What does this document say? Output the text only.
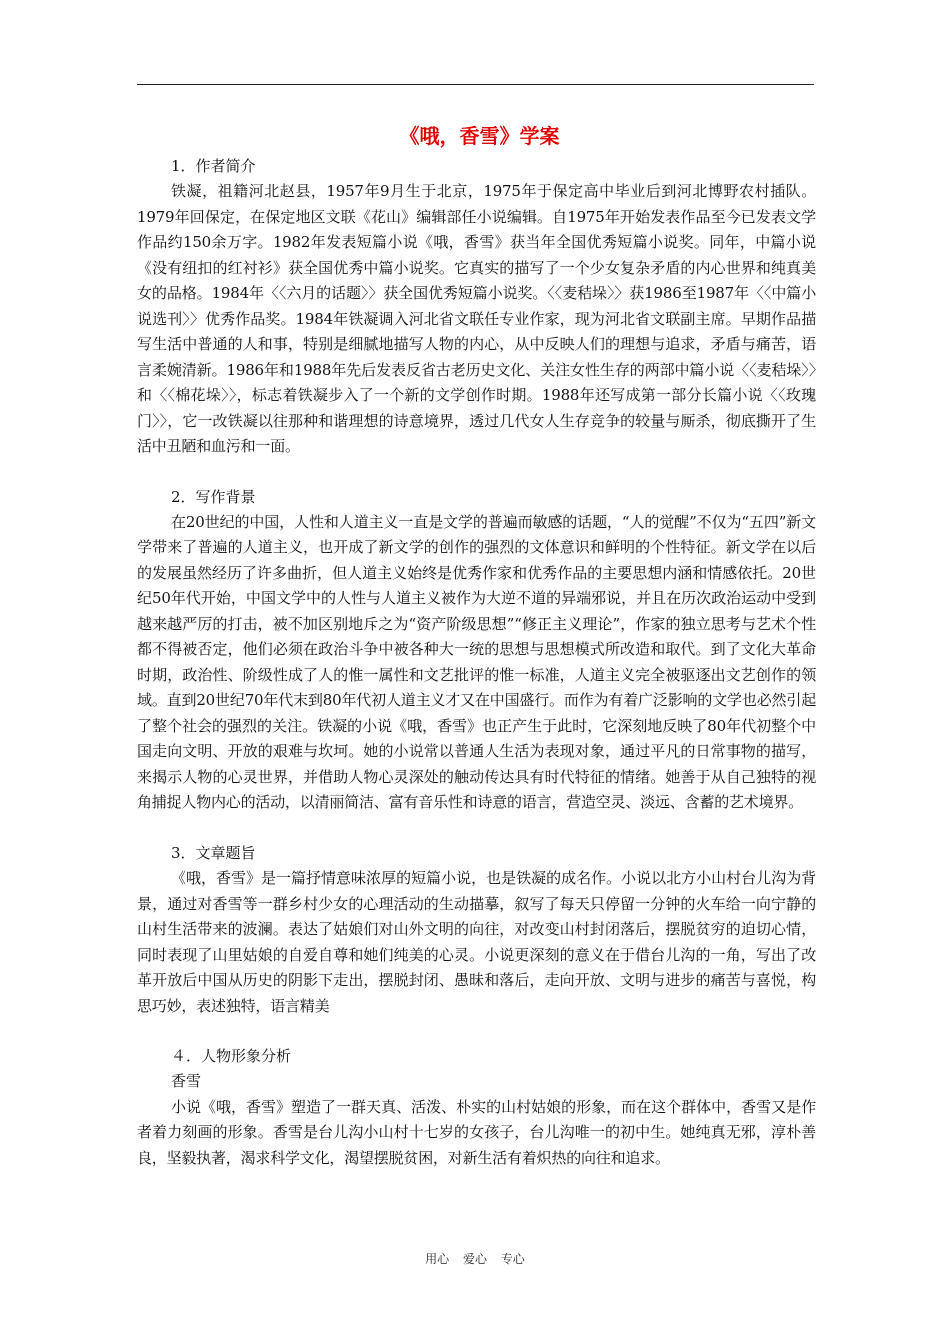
《哦，香雪》学案

1．作者简介

铁凝，祖籍河北赵县，1957年9月生于北京，1975年于保定高中毕业后到河北博野农村插队。1979年回保定，在保定地区文联《花山》编辑部任小说编辑。自1975年开始发表作品至今已发表文学作品约150余万字。1982年发表短篇小说《哦，香雪》获当年全国优秀短篇小说奖。同年，中篇小说《没有纽扣的红衬衫》获全国优秀中篇小说奖。它真实的描写了一个少女复杂矛盾的内心世界和纯真美女的品格。1984年〈〈六月的话题〉〉获全国优秀短篇小说奖。〈〈麦秸垛〉〉获1986至1987年〈〈中篇小说选刊〉〉优秀作品奖。1984年铁凝调入河北省文联任专业作家，现为河北省文联副主席。早期作品描写生活中普通的人和事，特别是细腻地描写人物的内心，从中反映人们的理想与追求，矛盾与痛苦，语言柔婉清新。1986年和1988年先后发表反省古老历史文化、关注女性生存的两部中篇小说〈〈麦秸垛〉〉和〈〈棉花垛〉〉，标志着铁凝步入了一个新的文学创作时期。1988年还写成第一部分长篇小说〈〈玫瑰门〉〉，它一改铁凝以往那种和谐理想的诗意境界，透过几代女人生存竞争的较量与厮杀，彻底撕开了生活中丑陋和血污和一面。

2．写作背景

在20世纪的中国，人性和人道主义一直是文学的普遍而敏感的话题，“人的觉醒”不仅为“五四”新文学带来了普遍的人道主义，也开成了新文学的创作的强烈的文体意识和鲜明的个性特征。新文学在以后的发展虽然经历了许多曲折，但人道主义始终是优秀作家和优秀作品的主要思想内涵和情感依托。20世纪50年代开始，中国文学中的人性与人道主义被作为大逆不道的异端邪说，并且在历次政治运动中受到越来越严厉的打击，被不加区别地斥之为“资产阶级思想”“修正主义理论”，作家的独立思考与艺术个性都不得被否定，他们必须在政治斗争中被各种大一统的思想与思想模式所改造和取代。到了文化大革命时期，政治性、阶级性成了人的惟一属性和文艺批评的惟一标准，人道主义完全被驱逐出文艺创作的领域。直到20世纪70年代末到80年代初人道主义才又在中国盛行。而作为有着广泛影响的文学也必然引起了整个社会的强烈的关注。铁凝的小说《哦，香雪》也正产生于此时，它深刻地反映了80年代初整个中国走向文明、开放的艰难与坎坷。她的小说常以普通人生活为表现对象，通过平凡的日常事物的描写，来揭示人物的心灵世界，并借助人物心灵深处的触动传达具有时代特征的情绪。她善于从自己独特的视角捕捉人物内心的活动，以清丽简洁、富有音乐性和诗意的语言，营造空灵、淡远、含蓄的艺术境界。

3．文章题旨

《哦，香雪》是一篇抒情意味浓厚的短篇小说，也是铁凝的成名作。小说以北方小山村台儿沟为背景，通过对香雪等一群乡村少女的心理活动的生动描摹，叙写了每天只停留一分钟的火车给一向宁静的山村生活带来的波澜。表达了姑娘们对山外文明的向往，对改变山村封闭落后，摆脱贫穷的迫切心情，同时表现了山里姑娘的自爱自尊和她们纯美的心灵。小说更深刻的意义在于借台儿沟的一角，写出了改革开放后中国从历史的阴影下走出，摆脱封闭、愚昧和落后，走向开放、文明与进步的痛苦与喜悦，构思巧妙，表述独特，语言精美

４．人物形象分析

香雪

小说《哦，香雪》塑造了一群天真、活泼、朴实的山村姑娘的形象，而在这个群体中，香雪又是作者着力刻画的形象。香雪是台儿沟小山村十七岁的女孩子，台儿沟唯一的初中生。她纯真无邪，淳朴善良，坚毅执著，渴求科学文化，渴望摆脱贫困，对新生活有着炽热的向往和追求。

用心 爱心 专心
